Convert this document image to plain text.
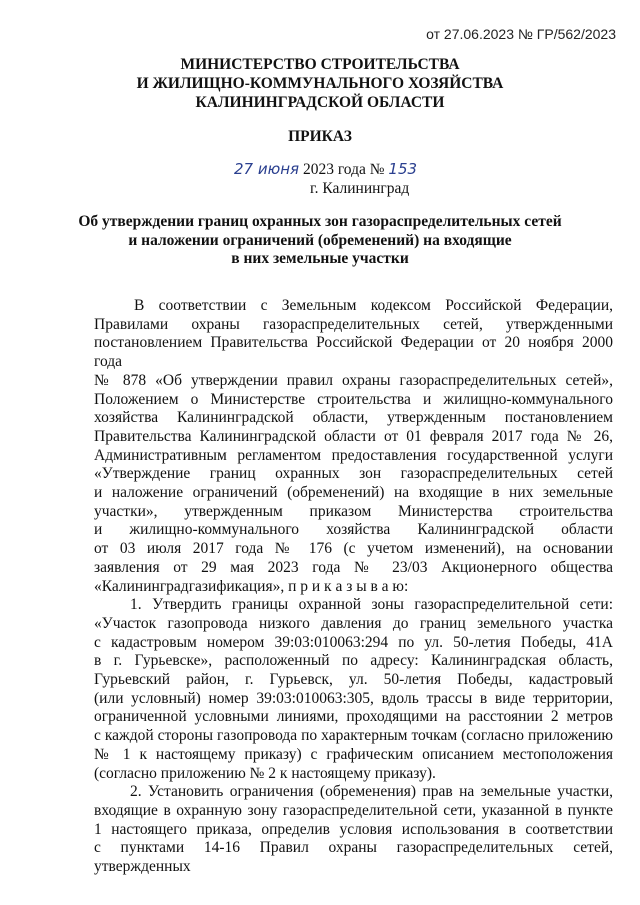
от 27.06.2023 № ГР/562/2023
МИНИСТЕРСТВО СТРОИТЕЛЬСТВА
И ЖИЛИЩНО-КОММУНАЛЬНОГО ХОЗЯЙСТВА
КАЛИНИНГРАДСКОЙ ОБЛАСТИ
ПРИКАЗ
27 июня 2023 года № 153
г. Калининград
Об утверждении границ охранных зон газораспределительных сетей
и наложении ограничений (обременений) на входящие
в них земельные участки
В соответствии с Земельным кодексом Российской Федерации,
Правилами охраны газораспределительных сетей, утвержденными
постановлением Правительства Российской Федерации от 20 ноября 2000 года
№ 878 «Об утверждении правил охраны газораспределительных сетей»,
Положением о Министерстве строительства и жилищно-коммунального
хозяйства Калининградской области, утвержденным постановлением
Правительства Калининградской области от 01 февраля 2017 года № 26,
Административным регламентом предоставления государственной услуги
«Утверждение границ охранных зон газораспределительных сетей
и наложение ограничений (обременений) на входящие в них земельные
участки», утвержденным приказом Министерства строительства
и жилищно-коммунального хозяйства Калининградской области
от 03 июля 2017 года № 176 (с учетом изменений), на основании
заявления от 29 мая 2023 года № 23/03 Акционерного общества
«Калининградгазификация», п р и к а з ы в а ю:
1. Утвердить границы охранной зоны газораспределительной сети:
«Участок газопровода низкого давления до границ земельного участка
с кадастровым номером 39:03:010063:294 по ул. 50-летия Победы, 41А
в г. Гурьевске», расположенный по адресу: Калининградская область,
Гурьевский район, г. Гурьевск, ул. 50-летия Победы, кадастровый
(или условный) номер 39:03:010063:305, вдоль трассы в виде территории,
ограниченной условными линиями, проходящими на расстоянии 2 метров
с каждой стороны газопровода по характерным точкам (согласно приложению
№ 1 к настоящему приказу) с графическим описанием местоположения
(согласно приложению № 2 к настоящему приказу).
2. Установить ограничения (обременения) прав на земельные участки,
входящие в охранную зону газораспределительной сети, указанной в пункте
1 настоящего приказа, определив условия использования в соответствии
с пунктами 14-16 Правил охраны газораспределительных сетей, утвержденных
